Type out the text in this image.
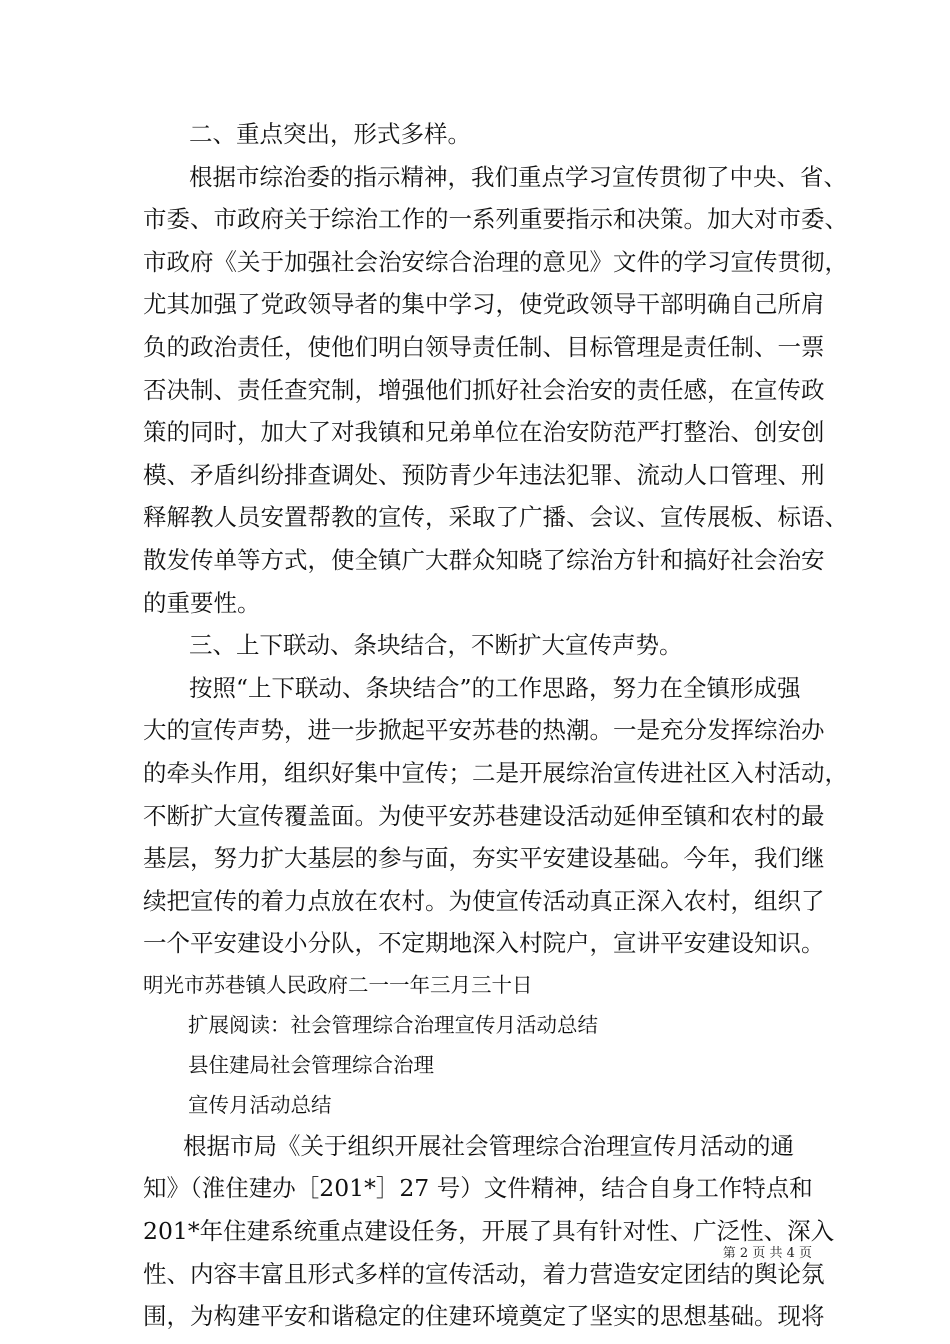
二、重点突出，形式多样。
根据市综治委的指示精神，我们重点学习宣传贯彻了中央、省、
市委、市政府关于综治工作的一系列重要指示和决策。加大对市委、
市政府《关于加强社会治安综合治理的意见》文件的学习宣传贯彻，
尤其加强了党政领导者的集中学习，使党政领导干部明确自己所肩
负的政治责任，使他们明白领导责任制、目标管理是责任制、一票
否决制、责任查究制，增强他们抓好社会治安的责任感，在宣传政
策的同时，加大了对我镇和兄弟单位在治安防范严打整治、创安创
模、矛盾纠纷排查调处、预防青少年违法犯罪、流动人口管理、刑
释解教人员安置帮教的宣传，采取了广播、会议、宣传展板、标语、
散发传单等方式，使全镇广大群众知晓了综治方针和搞好社会治安
的重要性。
三、上下联动、条块结合，不断扩大宣传声势。
按照“上下联动、条块结合”的工作思路，努力在全镇形成强
大的宣传声势，进一步掀起平安苏巷的热潮。一是充分发挥综治办
的牵头作用，组织好集中宣传；二是开展综治宣传进社区入村活动，
不断扩大宣传覆盖面。为使平安苏巷建设活动延伸至镇和农村的最
基层，努力扩大基层的参与面，夯实平安建设基础。今年，我们继
续把宣传的着力点放在农村。为使宣传活动真正深入农村，组织了
一个平安建设小分队，不定期地深入村院户，宣讲平安建设知识。
明光市苏巷镇人民政府二一一年三月三十日
扩展阅读：社会管理综合治理宣传月活动总结
县住建局社会管理综合治理
宣传月活动总结
根据市局《关于组织开展社会管理综合治理宣传月活动的通
知》（淮住建办［201*］27 号）文件精神，结合自身工作特点和
201*年住建系统重点建设任务，开展了具有针对性、广泛性、深入
性、内容丰富且形式多样的宣传活动，着力营造安定团结的舆论氛
围，为构建平安和谐稳定的住建环境奠定了坚实的思想基础。现将
第 2 页 共 4 页
